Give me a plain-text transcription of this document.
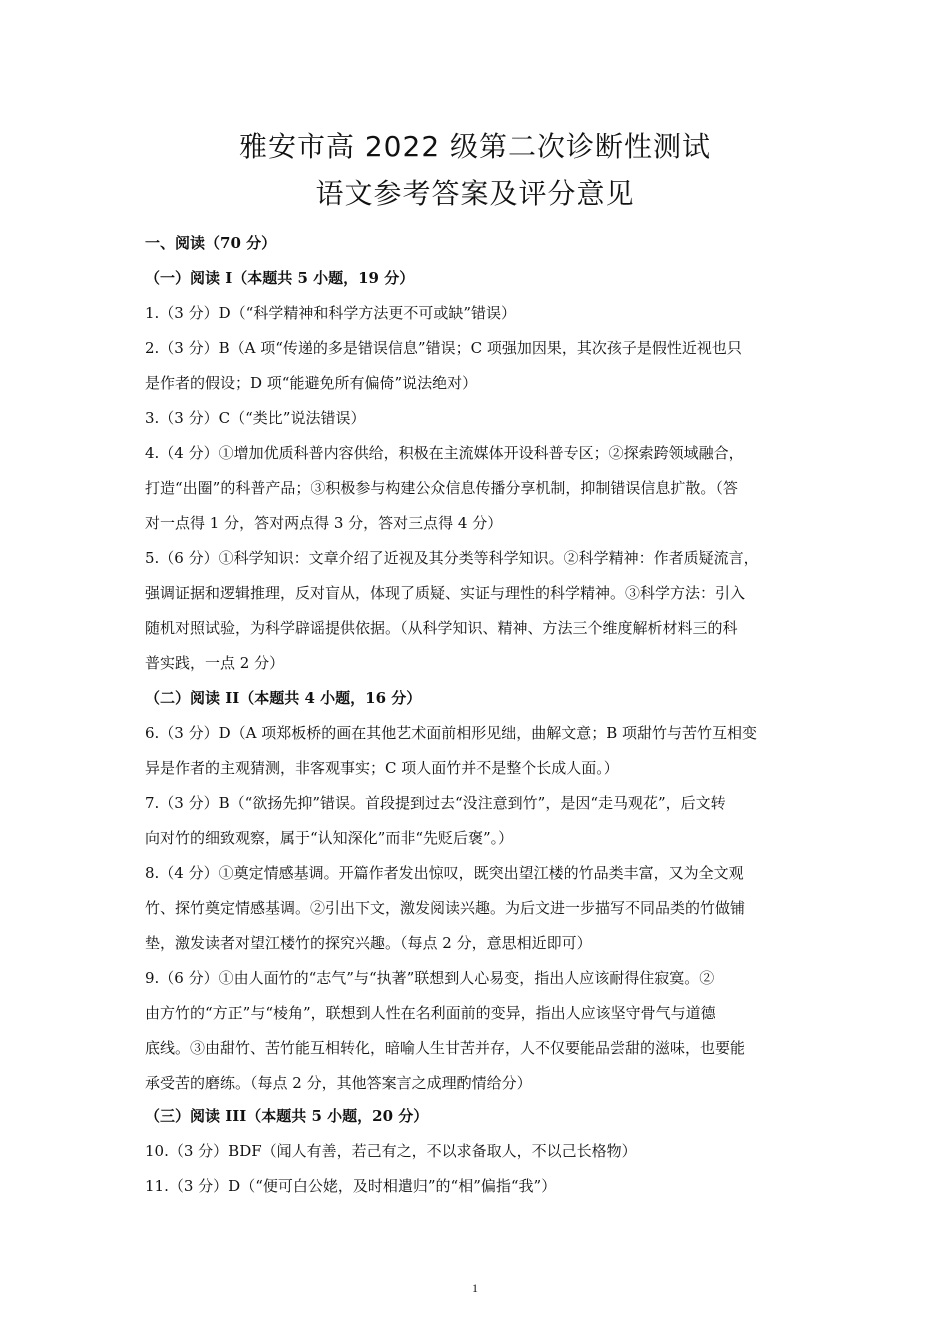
雅安市高 2022 级第二次诊断性测试
语文参考答案及评分意见
一、阅读（70 分）
（一）阅读 I（本题共 5 小题，19 分）
1.（3 分）D（“科学精神和科学方法更不可或缺”错误）
2.（3 分）B（A 项“传递的多是错误信息”错误；C 项强加因果，其次孩子是假性近视也只
是作者的假设；D 项“能避免所有偏倚”说法绝对）
3.（3 分）C（“类比”说法错误）
4.（4 分）①增加优质科普内容供给，积极在主流媒体开设科普专区；②探索跨领域融合，
打造“出圈”的科普产品；③积极参与构建公众信息传播分享机制，抑制错误信息扩散。（答
对一点得 1 分，答对两点得 3 分，答对三点得 4 分）
5.（6 分）①科学知识：文章介绍了近视及其分类等科学知识。②科学精神：作者质疑流言，
强调证据和逻辑推理，反对盲从，体现了质疑、实证与理性的科学精神。③科学方法：引入
随机对照试验，为科学辟谣提供依据。（从科学知识、精神、方法三个维度解析材料三的科
普实践，一点 2 分）
（二）阅读 II（本题共 4 小题，16 分）
6.（3 分）D（A 项郑板桥的画在其他艺术面前相形见绌，曲解文意；B 项甜竹与苦竹互相变
异是作者的主观猜测，非客观事实；C 项人面竹并不是整个长成人面。）
7.（3 分）B（“欲扬先抑”错误。首段提到过去“没注意到竹”，是因“走马观花”，后文转
向对竹的细致观察，属于“认知深化”而非“先贬后褒”。）
8.（4 分）①奠定情感基调。开篇作者发出惊叹，既突出望江楼的竹品类丰富，又为全文观
竹、探竹奠定情感基调。②引出下文，激发阅读兴趣。为后文进一步描写不同品类的竹做铺
垫，激发读者对望江楼竹的探究兴趣。（每点 2 分，意思相近即可）
9.（6 分）①由人面竹的“志气”与“执著”联想到人心易变，指出人应该耐得住寂寞。②
由方竹的“方正”与“棱角”，联想到人性在名利面前的变异，指出人应该坚守骨气与道德
底线。③由甜竹、苦竹能互相转化，暗喻人生甘苦并存，人不仅要能品尝甜的滋味，也要能
承受苦的磨练。（每点 2 分，其他答案言之成理酌情给分）
（三）阅读 III（本题共 5 小题，20 分）
10.（3 分）BDF（闻人有善，若己有之，不以求备取人，不以己长格物）
11.（3 分）D（“便可白公姥，及时相遣归”的“相”偏指“我”）
1
